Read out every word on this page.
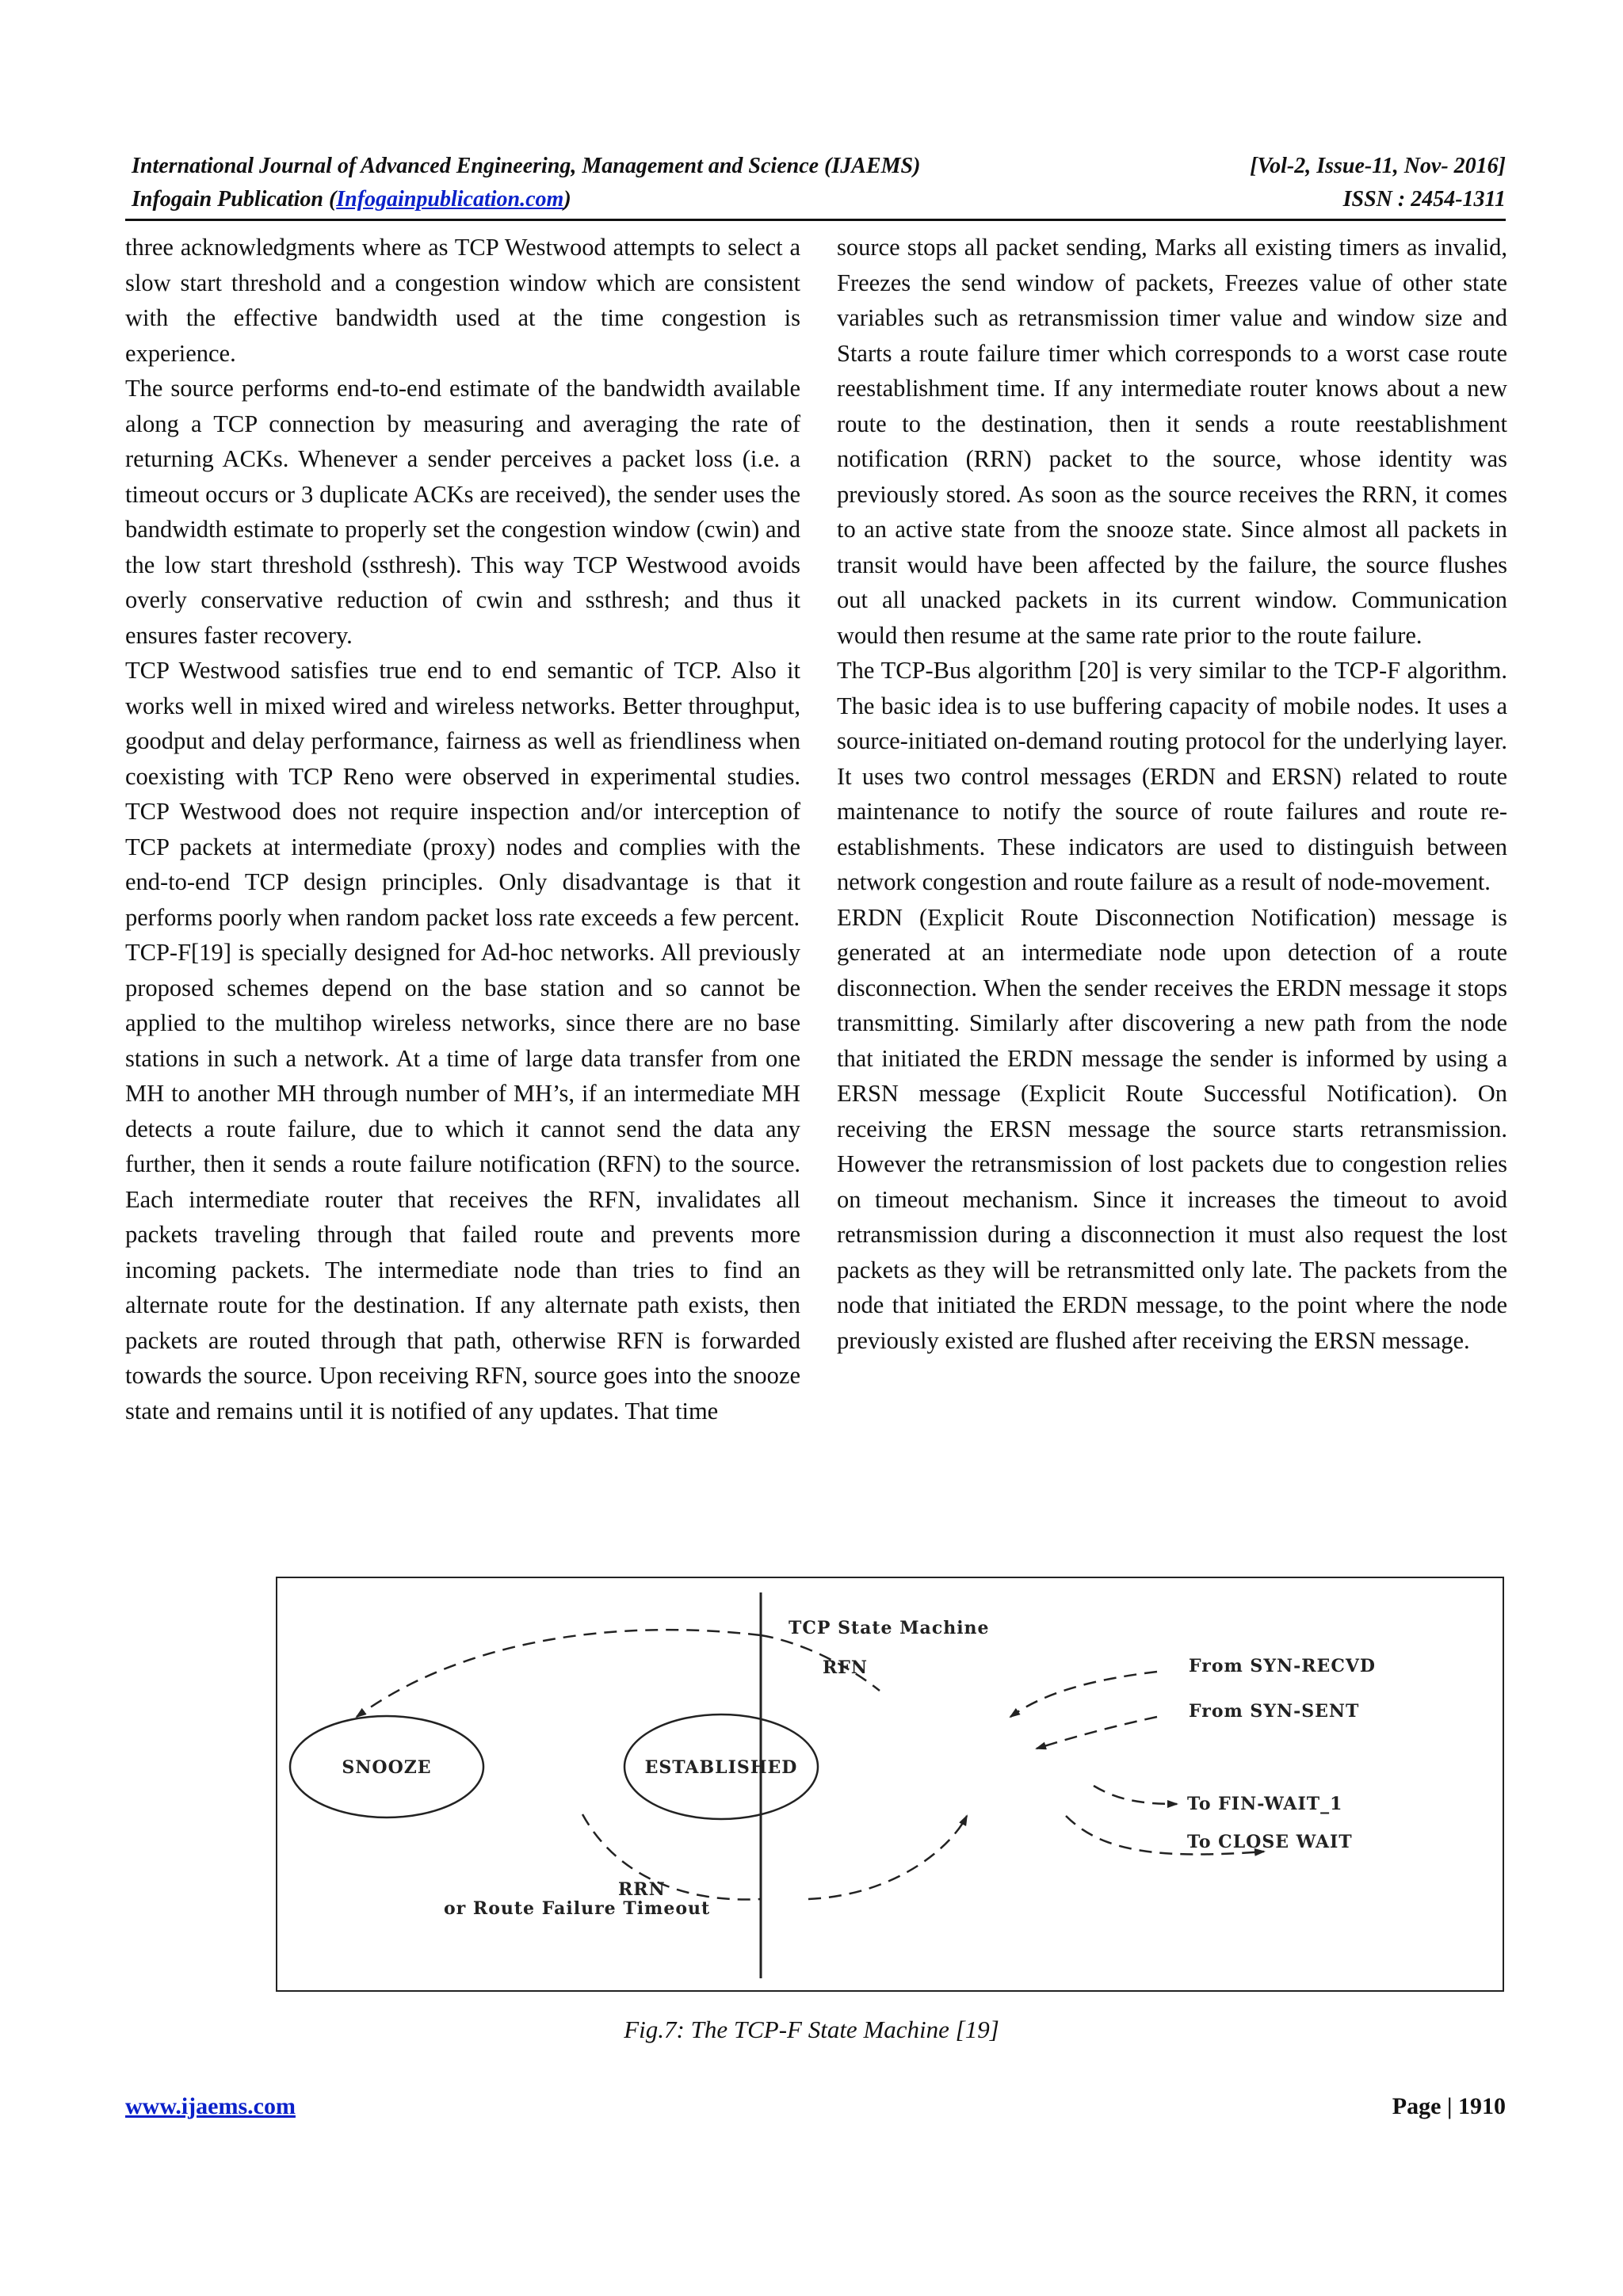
International Journal of Advanced Engineering, Management and Science (IJAEMS)	[Vol-2, Issue-11, Nov- 2016]
Infogain Publication (Infogainpublication.com)	ISSN : 2454-1311

three acknowledgments where as TCP Westwood attempts to select a slow start threshold and a congestion window which are consistent with the effective bandwidth used at the time congestion is experience.

The source performs end-to-end estimate of the bandwidth available along a TCP connection by measuring and averaging the rate of returning ACKs. Whenever a sender perceives a packet loss (i.e. a timeout occurs or 3 duplicate ACKs are received), the sender uses the bandwidth estimate to properly set the congestion window (cwin) and the low start threshold (ssthresh). This way TCP Westwood avoids overly conservative reduction of cwin and ssthresh; and thus it ensures faster recovery.

TCP Westwood satisfies true end to end semantic of TCP. Also it works well in mixed wired and wireless networks. Better throughput, goodput and delay performance, fairness as well as friendliness when coexisting with TCP Reno were observed in experimental studies. TCP Westwood does not require inspection and/or interception of TCP packets at intermediate (proxy) nodes and complies with the end-to-end TCP design principles. Only disadvantage is that it performs poorly when random packet loss rate exceeds a few percent.

TCP-F[19] is specially designed for Ad-hoc networks. All previously proposed schemes depend on the base station and so cannot be applied to the multihop wireless networks, since there are no base stations in such a network. At a time of large data transfer from one MH to another MH through number of MH’s, if an intermediate MH detects a route failure, due to which it cannot send the data any further, then it sends a route failure notification (RFN) to the source. Each intermediate router that receives the RFN, invalidates all packets traveling through that failed route and prevents more incoming packets. The intermediate node than tries to find an alternate route for the destination. If any alternate path exists, then packets are routed through that path, otherwise RFN is forwarded towards the source. Upon receiving RFN, source goes into the snooze state and remains until it is notified of any updates. That time

source stops all packet sending, Marks all existing timers as invalid, Freezes the send window of packets, Freezes value of other state variables such as retransmission timer value and window size and Starts a route failure timer which corresponds to a worst case route reestablishment time. If any intermediate router knows about a new route to the destination, then it sends a route reestablishment notification (RRN) packet to the source, whose identity was previously stored. As soon as the source receives the RRN, it comes to an active state from the snooze state. Since almost all packets in transit would have been affected by the failure, the source flushes out all unacked packets in its current window. Communication would then resume at the same rate prior to the route failure.

The TCP-Bus algorithm [20] is very similar to the TCP-F algorithm. The basic idea is to use buffering capacity of mobile nodes. It uses a source-initiated on-demand routing protocol for the underlying layer. It uses two control messages (ERDN and ERSN) related to route maintenance to notify the source of route failures and route re-establishments. These indicators are used to distinguish between network congestion and route failure as a result of node-movement.

ERDN (Explicit Route Disconnection Notification) message is generated at an intermediate node upon detection of a route disconnection. When the sender receives the ERDN message it stops transmitting. Similarly after discovering a new path from the node that initiated the ERDN message the sender is informed by using a ERSN message (Explicit Route Successful Notification). On receiving the ERSN message the source starts retransmission. However the retransmission of lost packets due to congestion relies on timeout mechanism. Since it increases the timeout to avoid retransmission during a disconnection it must also request the lost packets as they will be retransmitted only late. The packets from the node that initiated the ERDN message, to the point where the node previously existed are flushed after receiving the ERSN message.

SNOOZE	ESTABLISHED
TCP State Machine
RFN
RRN
or Route Failure Timeout
From SYN-RECVD
From SYN-SENT
To FIN-WAIT_1
To CLOSE WAIT
Fig.7: The TCP-F State Machine [19]
www.ijaems.com	Page | 1910
